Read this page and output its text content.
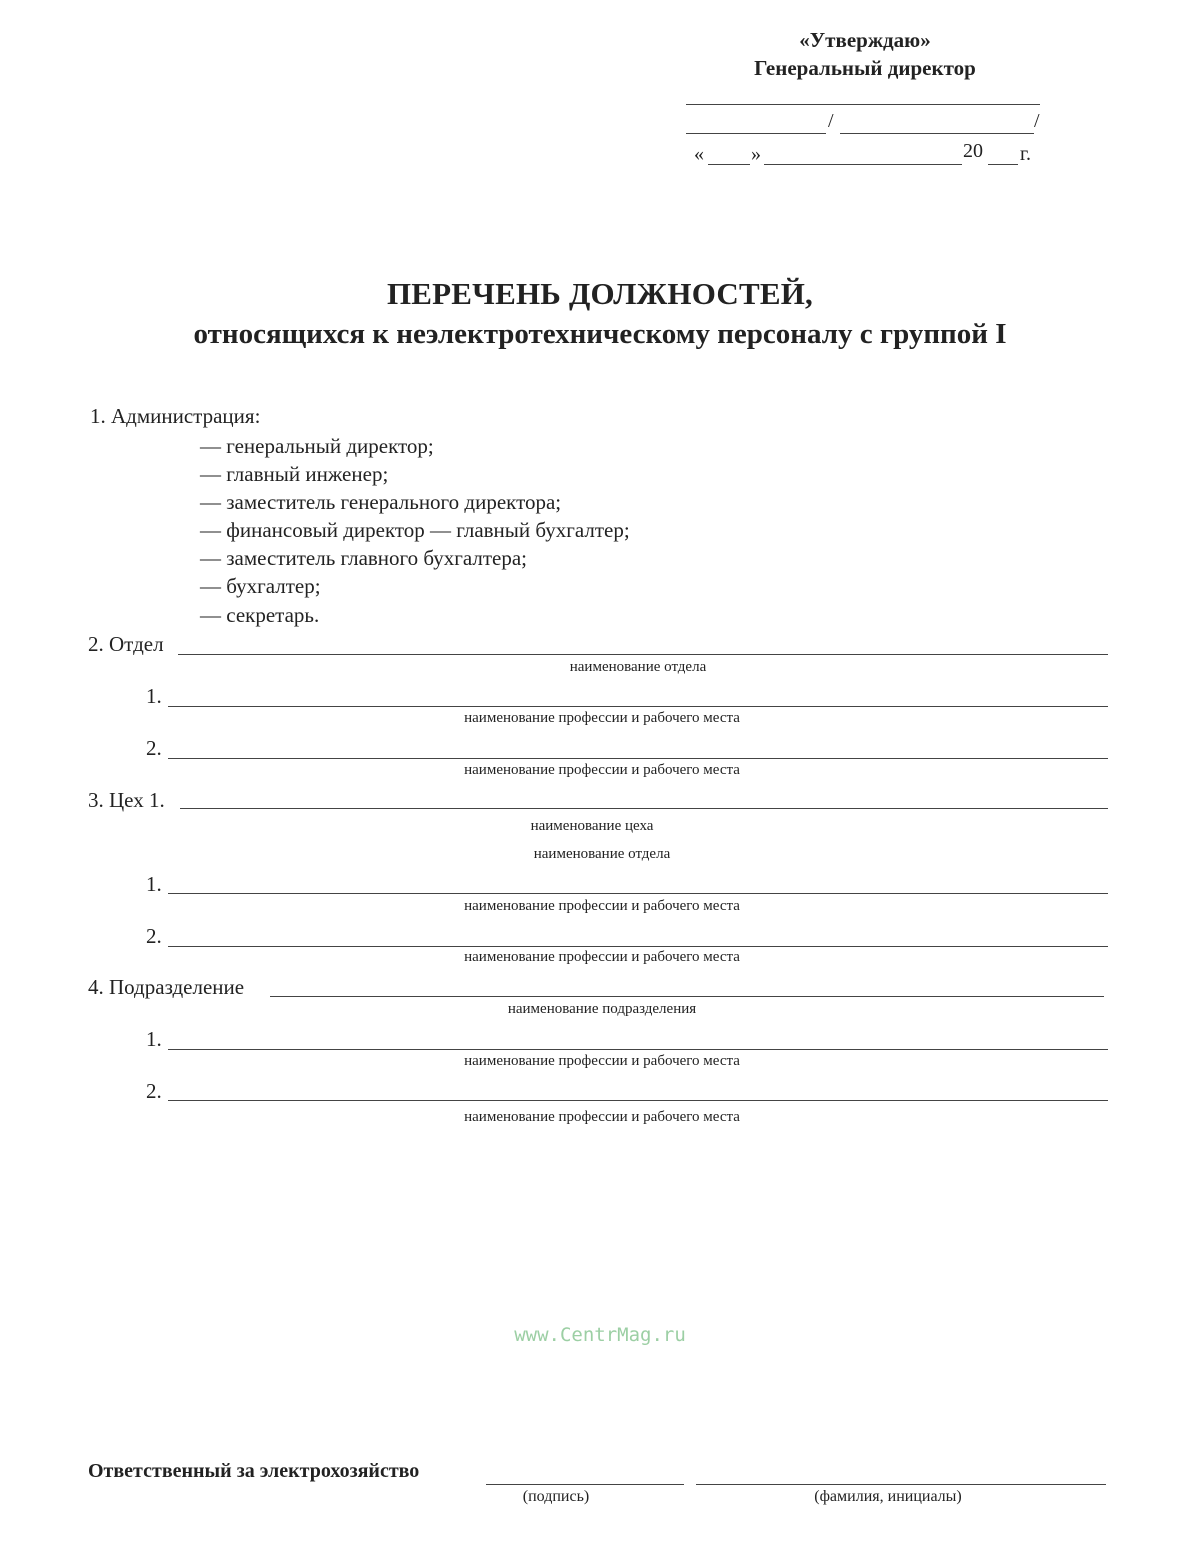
«Утверждаю»
Генеральный директор
/	/
« »	20 г.
ПЕРЕЧЕНЬ ДОЛЖНОСТЕЙ,
относящихся к неэлектротехническому персоналу с группой I
1. Администрация:
— генеральный директор;
— главный инженер;
— заместитель генерального директора;
— финансовый директор — главный бухгалтер;
— заместитель главного бухгалтера;
— бухгалтер;
— секретарь.
2. Отдел
наименование отдела
1.
наименование профессии и рабочего места
2.
наименование профессии и рабочего места
3. Цех 1.
наименование цеха
наименование отдела
1.
наименование профессии и рабочего места
2.
наименование профессии и рабочего места
4. Подразделение
наименование подразделения
1.
наименование профессии и рабочего места
2.
наименование профессии и рабочего места
www.CentrMag.ru
Ответственный за электрохозяйство
(подпись)	(фамилия, инициалы)
